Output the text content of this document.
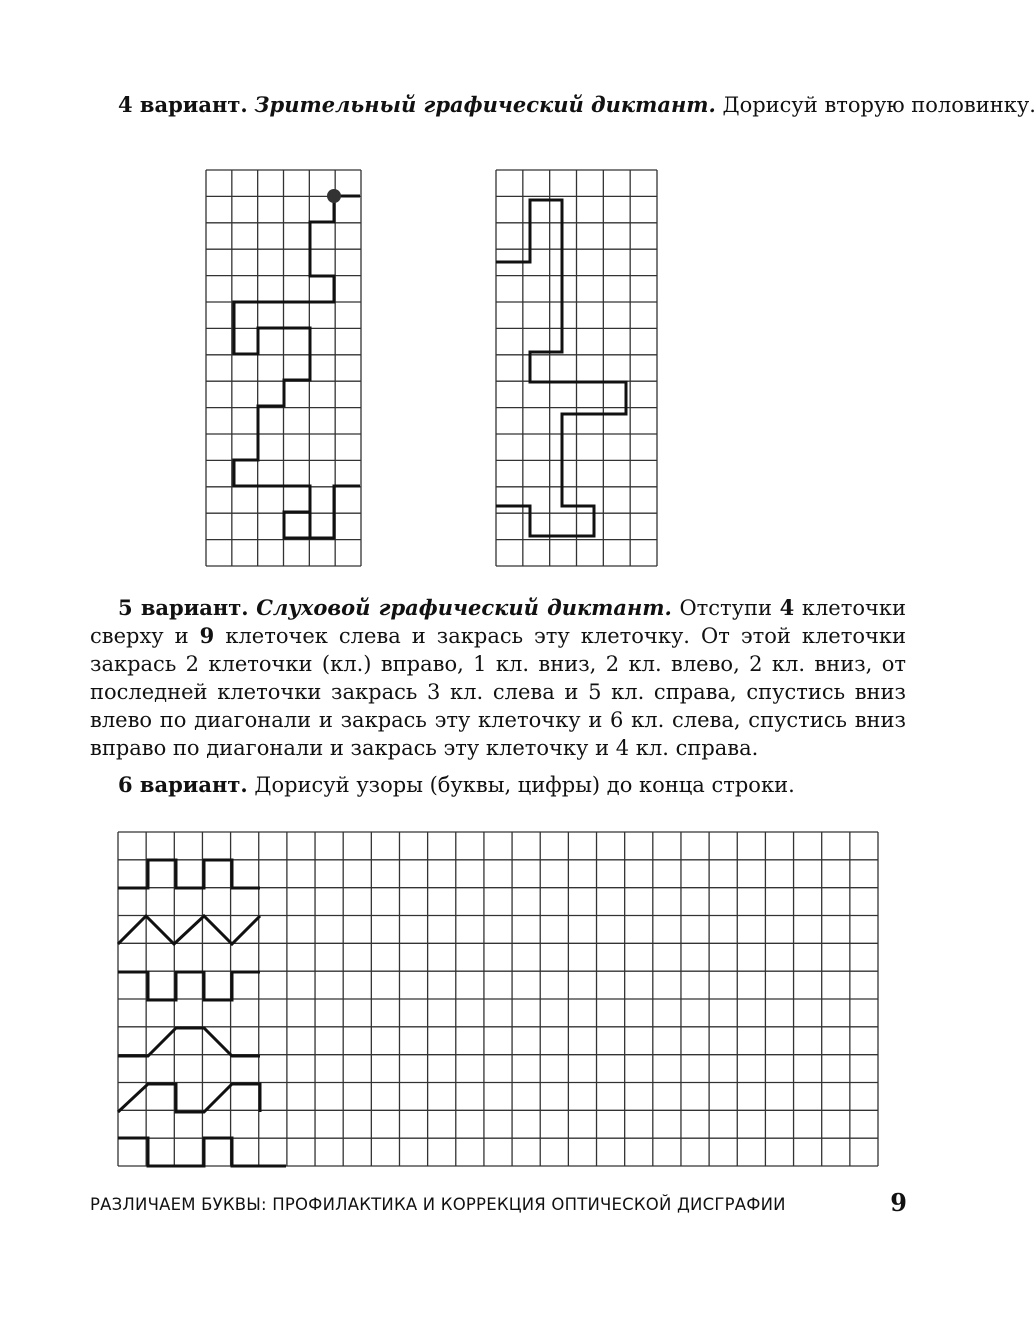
4 вариант. Зрительный графический диктант. Дорисуй вторую половинку.
5 вариант. Слуховой графический диктант. Отступи 4 клеточки сверху и 9 клеточек слева и закрась эту клеточку. От этой клеточки закрась 2 клеточки (кл.) вправо, 1 кл. вниз, 2 кл. влево, 2 кл. вниз, от последней клеточки закрась 3 кл. слева и 5 кл. справа, спустись вниз влево по диагонали и закрась эту клеточку и 6 кл. слева, спустись вниз вправо по диагонали и закрась эту клеточку и 4 кл. справа.
6 вариант. Дорисуй узоры (буквы, цифры) до конца строки.
РАЗЛИЧАЕМ БУКВЫ: ПРОФИЛАКТИКА И КОРРЕКЦИЯ ОПТИЧЕСКОЙ ДИСГРАФИИ	9
